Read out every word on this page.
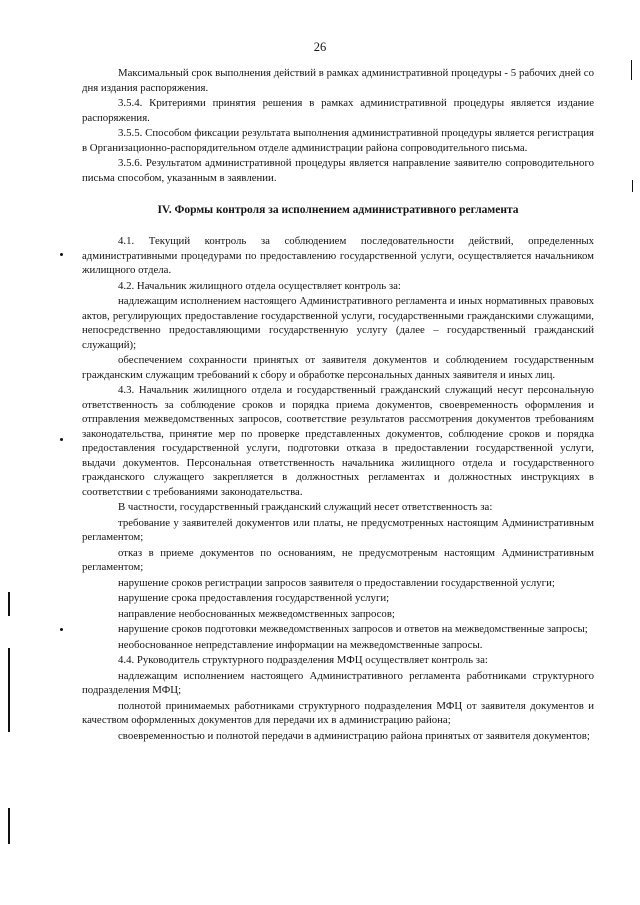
26

Максимальный срок выполнения действий в рамках административной процедуры - 5 рабочих дней со дня издания распоряжения.

3.5.4. Критериями принятия решения в рамках административной процедуры является издание распоряжения.

3.5.5. Способом фиксации результата выполнения административной процедуры является регистрация в Организационно-распорядительном отделе администрации района сопроводительного письма.

3.5.6. Результатом административной процедуры является направление заявителю сопроводительного письма способом, указанным в заявлении.

IV. Формы контроля за исполнением административного регламента

4.1. Текущий контроль за соблюдением последовательности действий, определенных административными процедурами по предоставлению государственной услуги, осуществляется начальником жилищного отдела.

4.2. Начальник жилищного отдела осуществляет контроль за:

надлежащим исполнением настоящего Административного регламента и иных нормативных правовых актов, регулирующих предоставление государственной услуги, государственными гражданскими служащими, непосредственно предоставляющими государственную услугу (далее – государственный гражданский служащий);

обеспечением сохранности принятых от заявителя документов и соблюдением государственным гражданским служащим требований к сбору и обработке персональных данных заявителя и иных лиц.

4.3. Начальник жилищного отдела и государственный гражданский служащий несут персональную ответственность за соблюдение сроков и порядка приема документов, своевременность оформления и отправления межведомственных запросов, соответствие результатов рассмотрения документов требованиям законодательства, принятие мер по проверке представленных документов, соблюдение сроков и порядка предоставления государственной услуги, подготовки отказа в предоставлении государственной услуги, выдачи документов. Персональная ответственность начальника жилищного отдела и государственного гражданского служащего закрепляется в должностных регламентах и должностных инструкциях в соответствии с требованиями законодательства.

В частности, государственный гражданский служащий несет ответственность за:

требование у заявителей документов или платы, не предусмотренных настоящим Административным регламентом;

отказ в приеме документов по основаниям, не предусмотреным настоящим Административным регламентом;

нарушение сроков регистрации запросов заявителя о предоставлении государственной услуги;

нарушение срока предоставления государственной услуги;

направление необоснованных межведомственных запросов;

нарушение сроков подготовки межведомственных запросов и ответов на межведомственные запросы;

необоснованное непредставление информации на межведомственные запросы.

4.4. Руководитель структурного подразделения МФЦ осуществляет контроль за:

надлежащим исполнением настоящего Административного регламента работниками структурного подразделения МФЦ;

полнотой принимаемых работниками структурного подразделения МФЦ от заявителя документов и качеством оформленных документов для передачи их в администрацию района;

своевременностью и полнотой передачи в администрацию района принятых от заявителя документов;
